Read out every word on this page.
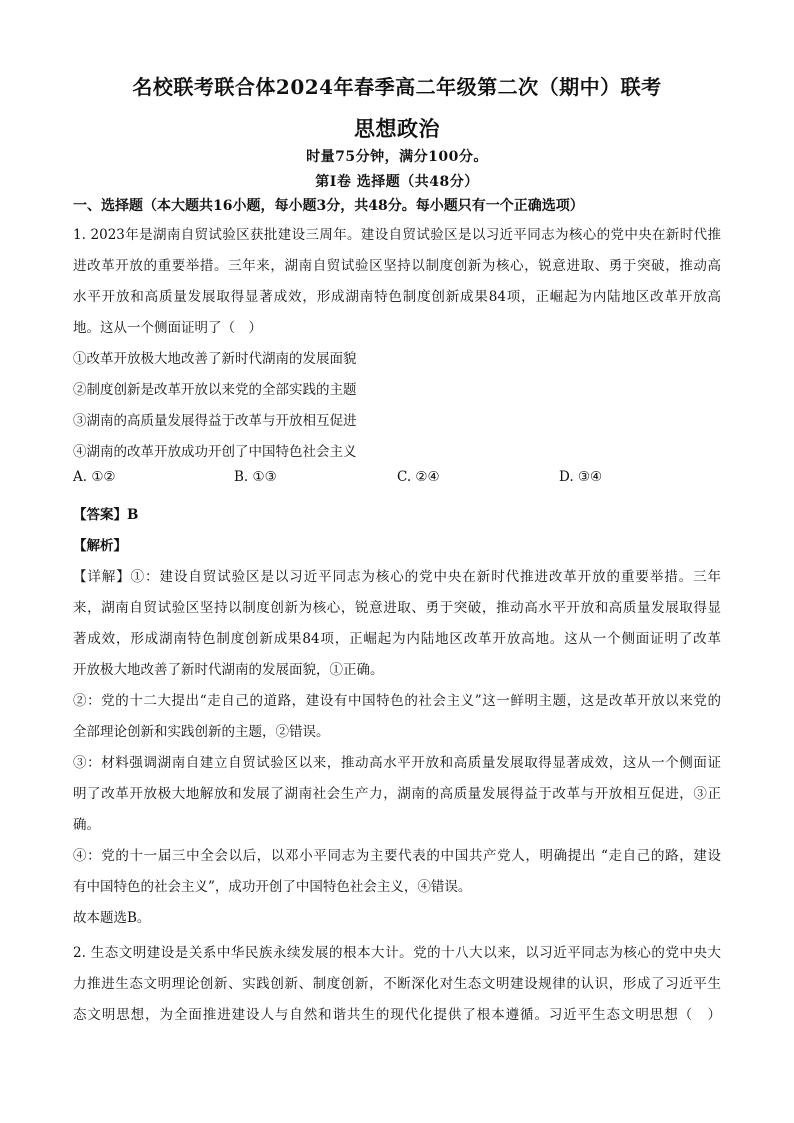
名校联考联合体2024年春季高二年级第二次（期中）联考
思想政治
时量75分钟，满分100分。
第Ⅰ卷 选择题（共48分）
一、选择题（本大题共16小题，每小题3分，共48分。每小题只有一个正确选项）
1. 2023年是湖南自贸试验区获批建设三周年。建设自贸试验区是以习近平同志为核心的党中央在新时代推
进改革开放的重要举措。三年来，湖南自贸试验区坚持以制度创新为核心，锐意进取、勇于突破，推动高
水平开放和高质量发展取得显著成效，形成湖南特色制度创新成果84项，正崛起为内陆地区改革开放高
地。这从一个侧面证明了（　）
①改革开放极大地改善了新时代湖南的发展面貌
②制度创新是改革开放以来党的全部实践的主题
③湖南的高质量发展得益于改革与开放相互促进
④湖南的改革开放成功开创了中国特色社会主义
A. ①②	B. ①③	C. ②④	D. ③④
【答案】B
【解析】
【详解】①：建设自贸试验区是以习近平同志为核心的党中央在新时代推进改革开放的重要举措。三年
来，湖南自贸试验区坚持以制度创新为核心，锐意进取、勇于突破，推动高水平开放和高质量发展取得显
著成效，形成湖南特色制度创新成果84项，正崛起为内陆地区改革开放高地。这从一个侧面证明了改革
开放极大地改善了新时代湖南的发展面貌，①正确。
②：党的十二大提出“走自己的道路，建设有中国特色的社会主义”这一鲜明主题，这是改革开放以来党的
全部理论创新和实践创新的主题，②错误。
③：材料强调湖南自建立自贸试验区以来，推动高水平开放和高质量发展取得显著成效，这从一个侧面证
明了改革开放极大地解放和发展了湖南社会生产力，湖南的高质量发展得益于改革与开放相互促进，③正
确。
④：党的十一届三中全会以后，以邓小平同志为主要代表的中国共产党人，明确提出 “走自己的路，建设
有中国特色的社会主义”，成功开创了中国特色社会主义，④错误。
故本题选B。
2. 生态文明建设是关系中华民族永续发展的根本大计。党的十八大以来，以习近平同志为核心的党中央大
力推进生态文明理论创新、实践创新、制度创新，不断深化对生态文明建设规律的认识，形成了习近平生
态文明思想，为全面推进建设人与自然和谐共生的现代化提供了根本遵循。习近平生态文明思想（　）
